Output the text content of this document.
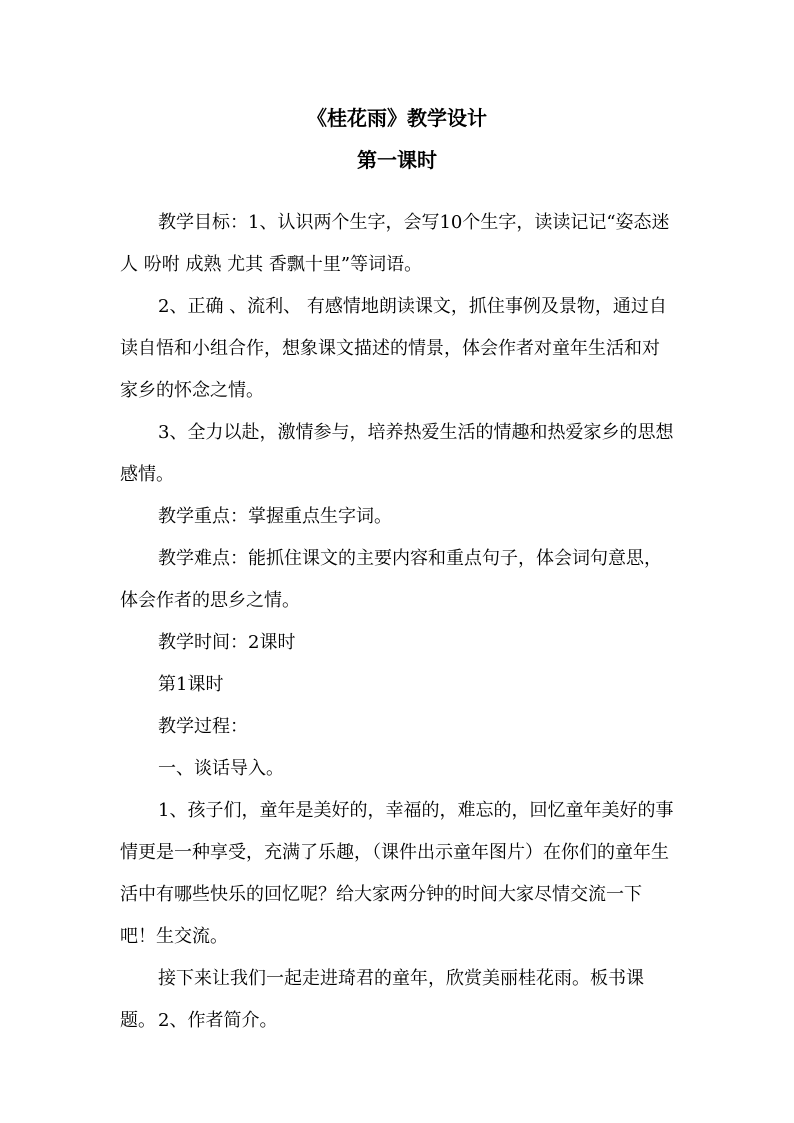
《桂花雨》教学设计
第一课时
教学目标：1、认识两个生字，会写10个生字，读读记记“姿态迷人 吩咐 成熟 尤其 香飘十里”等词语。
2、正确 、流利、 有感情地朗读课文，抓住事例及景物，通过自读自悟和小组合作，想象课文描述的情景，体会作者对童年生活和对家乡的怀念之情。
3、全力以赴，激情参与，培养热爱生活的情趣和热爱家乡的思想感情。
教学重点：掌握重点生字词。
教学难点：能抓住课文的主要内容和重点句子，体会词句意思，体会作者的思乡之情。
教学时间：2课时
第1课时
教学过程：
一、谈话导入。
1、孩子们，童年是美好的，幸福的，难忘的，回忆童年美好的事情更是一种享受，充满了乐趣，（课件出示童年图片）在你们的童年生活中有哪些快乐的回忆呢？给大家两分钟的时间大家尽情交流一下吧！生交流。
接下来让我们一起走进琦君的童年，欣赏美丽桂花雨。板书课题。 2、作者简介。
